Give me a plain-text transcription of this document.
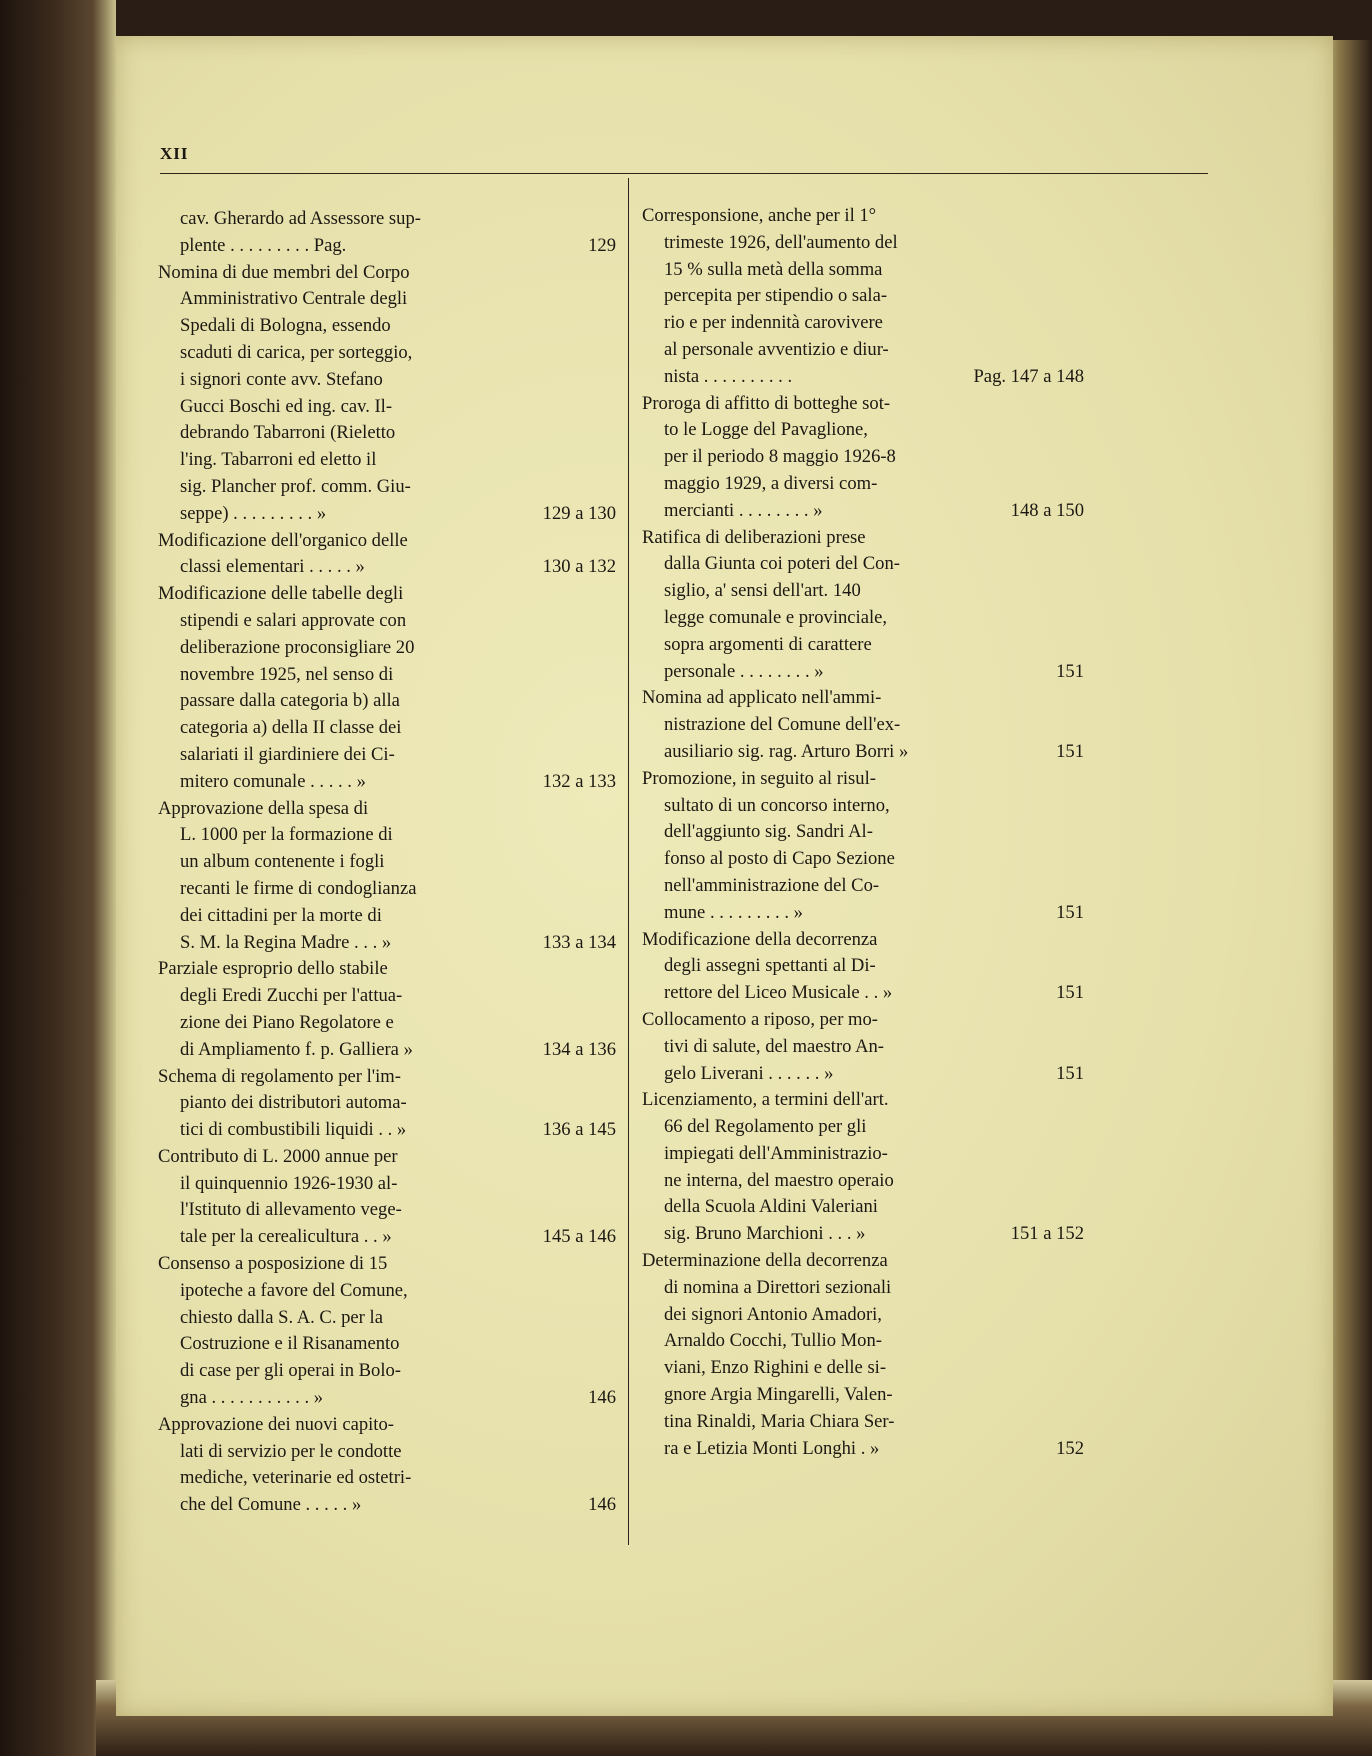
XII
cav. Gherardo ad Assessore sup-
plente . . . . . . . . . Pag.	129
Nomina di due membri del Corpo
Amministrativo Centrale degli
Spedali di Bologna, essendo
scaduti di carica, per sorteggio,
i signori conte avv. Stefano
Gucci Boschi ed ing. cav. Il-
debrando Tabarroni (Rieletto
l'ing. Tabarroni ed eletto il
sig. Plancher prof. comm. Giu-
seppe) . . . . . . . . . »	129 a 130
Modificazione dell'organico delle
classi elementari . . . . . »	130 a 132
Modificazione delle tabelle degli
stipendi e salari approvate con
deliberazione proconsigliare 20
novembre 1925, nel senso di
passare dalla categoria b) alla
categoria a) della II classe dei
salariati il giardiniere dei Ci-
mitero comunale . . . . . »	132 a 133
Approvazione della spesa di
L. 1000 per la formazione di
un album contenente i fogli
recanti le firme di condoglianza
dei cittadini per la morte di
S. M. la Regina Madre . . . »	133 a 134
Parziale esproprio dello stabile
degli Eredi Zucchi per l'attua-
zione dei Piano Regolatore e
di Ampliamento f. p. Galliera »	134 a 136
Schema di regolamento per l'im-
pianto dei distributori automa-
tici di combustibili liquidi . . »	136 a 145
Contributo di L. 2000 annue per
il quinquennio 1926-1930 al-
l'Istituto di allevamento vege-
tale per la cerealicultura . . »	145 a 146
Consenso a posposizione di 15
ipoteche a favore del Comune,
chiesto dalla S. A. C. per la
Costruzione e il Risanamento
di case per gli operai in Bolo-
gna . . . . . . . . . . . »	146
Approvazione dei nuovi capito-
lati di servizio per le condotte
mediche, veterinarie ed ostetri-
che del Comune . . . . . »	146
Corresponsione, anche per il 1°
trimeste 1926, dell'aumento del
15 % sulla metà della somma
percepita per stipendio o sala-
rio e per indennità carovivere
al personale avventizio e diur-
nista . . . . . . . . . .	Pag. 147 a 148
Proroga di affitto di botteghe sot-
to le Logge del Pavaglione,
per il periodo 8 maggio 1926-8
maggio 1929, a diversi com-
mercianti . . . . . . . . »	148 a 150
Ratifica di deliberazioni prese
dalla Giunta coi poteri del Con-
siglio, a' sensi dell'art. 140
legge comunale e provinciale,
sopra argomenti di carattere
personale . . . . . . . . »	151
Nomina ad applicato nell'ammi-
nistrazione del Comune dell'ex-
ausiliario sig. rag. Arturo Borri »	151
Promozione, in seguito al risul-
sultato di un concorso interno,
dell'aggiunto sig. Sandri Al-
fonso al posto di Capo Sezione
nell'amministrazione del Co-
mune . . . . . . . . . »	151
Modificazione della decorrenza
degli assegni spettanti al Di-
rettore del Liceo Musicale . . »	151
Collocamento a riposo, per mo-
tivi di salute, del maestro An-
gelo Liverani . . . . . . »	151
Licenziamento, a termini dell'art.
66 del Regolamento per gli
impiegati dell'Amministrazio-
ne interna, del maestro operaio
della Scuola Aldini Valeriani
sig. Bruno Marchioni . . . »	151 a 152
Determinazione della decorrenza
di nomina a Direttori sezionali
dei signori Antonio Amadori,
Arnaldo Cocchi, Tullio Mon-
viani, Enzo Righini e delle si-
gnore Argia Mingarelli, Valen-
tina Rinaldi, Maria Chiara Ser-
ra e Letizia Monti Longhi . »	152
